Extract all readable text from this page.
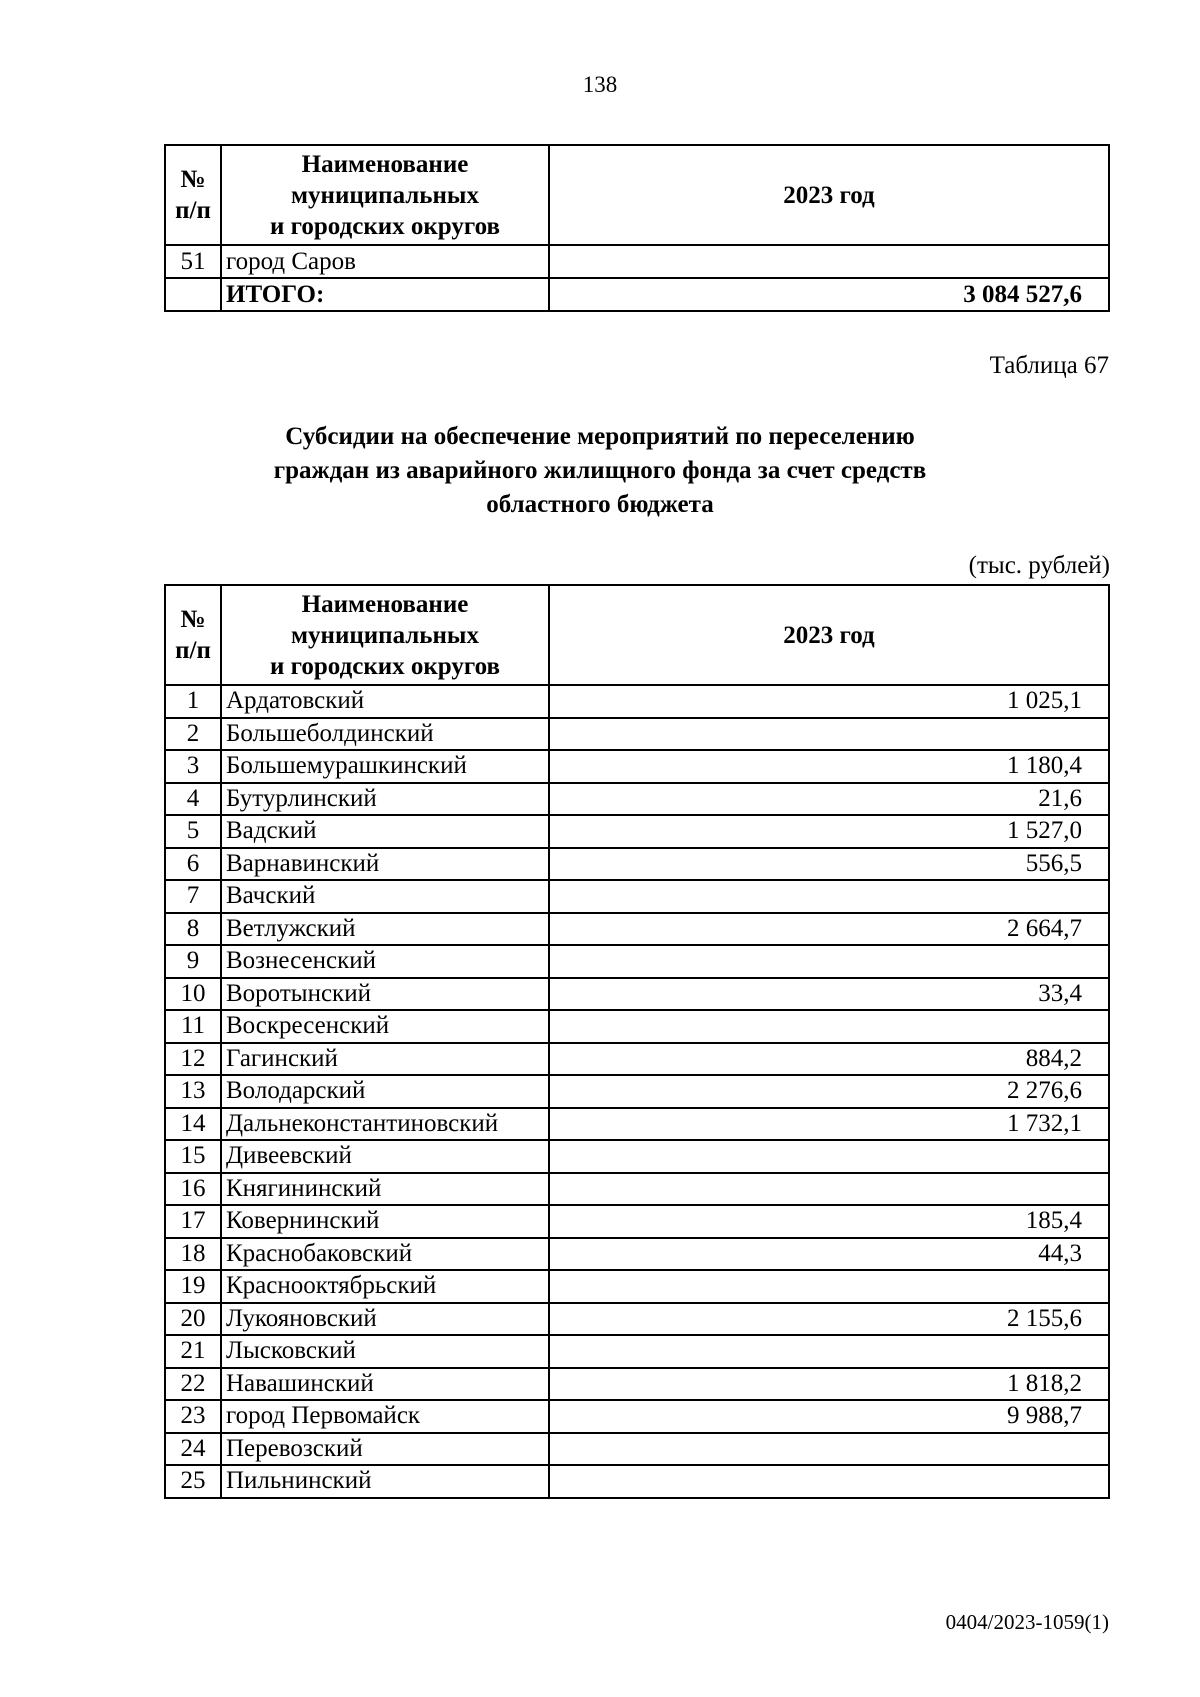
138
№ п/п	Наименование
муниципальных
и городских округов	2023 год
51	город Саров	
	ИТОГО:	3 084 527,6
Таблица 67
Субсидии на обеспечение мероприятий по переселению
граждан из аварийного жилищного фонда за счет средств
областного бюджета
(тыс. рублей)
№ п/п	Наименование
муниципальных
и городских округов	2023 год
1	Ардатовский	1 025,1
2	Большеболдинский	
3	Большемурашкинский	1 180,4
4	Бутурлинский	21,6
5	Вадский	1 527,0
6	Варнавинский	556,5
7	Вачский	
8	Ветлужский	2 664,7
9	Вознесенский	
10	Воротынский	33,4
11	Воскресенский	
12	Гагинский	884,2
13	Володарский	2 276,6
14	Дальнеконстантиновский	1 732,1
15	Дивеевский	
16	Княгининский	
17	Ковернинский	185,4
18	Краснобаковский	44,3
19	Краснооктябрьский	
20	Лукояновский	2 155,6
21	Лысковский	
22	Навашинский	1 818,2
23	город Первомайск	9 988,7
24	Перевозский	
25	Пильнинский	
0404/2023-1059(1)
